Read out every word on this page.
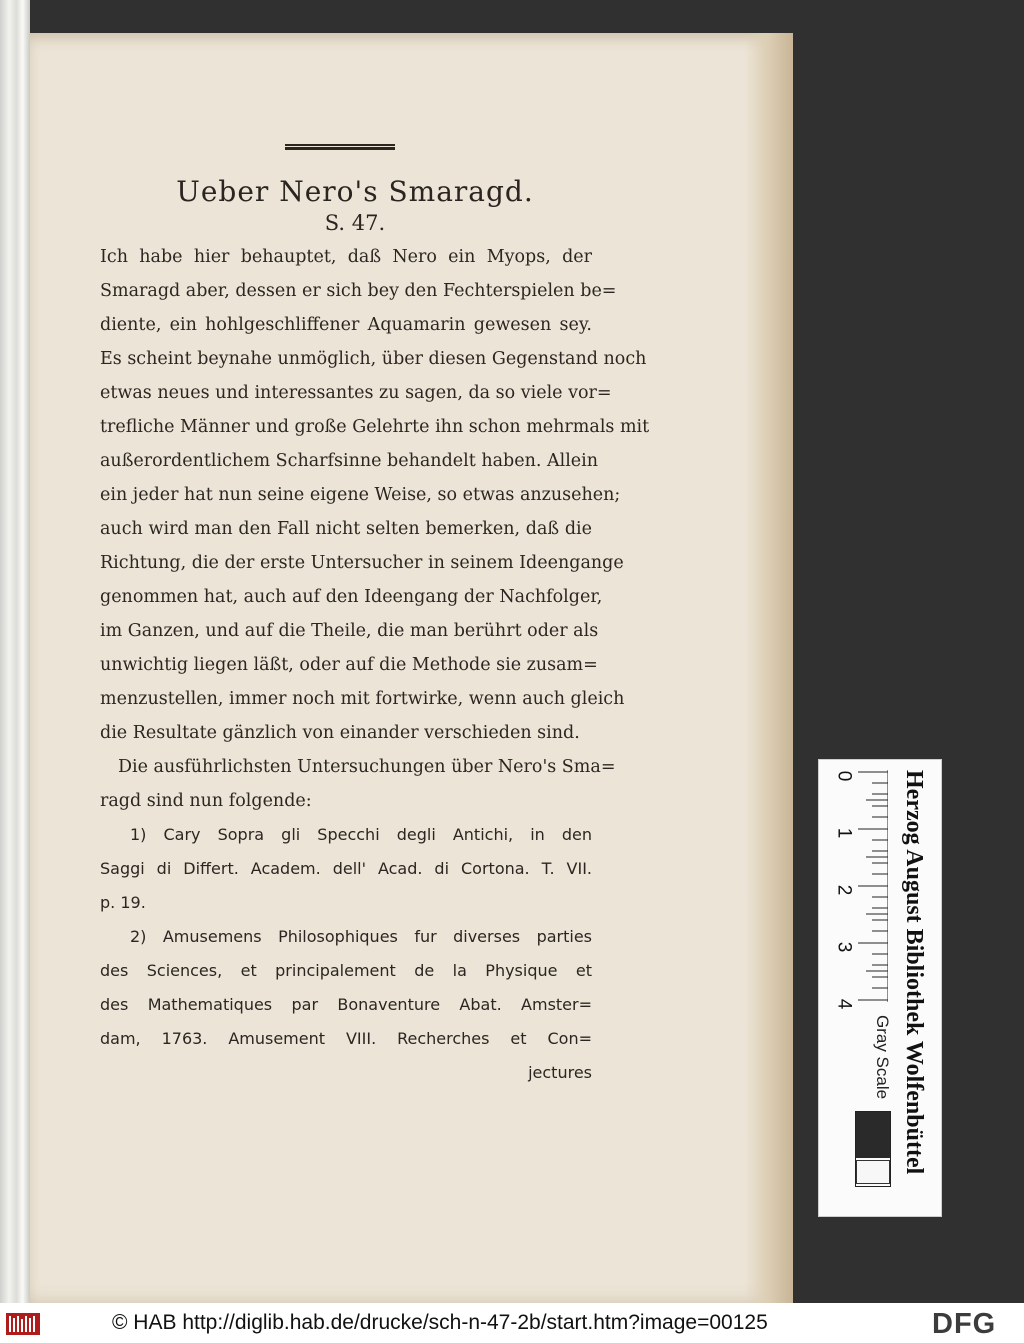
Ueber Nero's Smaragd.
S. 47.

Ich habe hier behauptet, daß Nero ein Myops, der
Smaragd aber, dessen er sich bey den Fechterspielen be=
diente, ein hohlgeschliffener Aquamarin gewesen sey.
Es scheint beynahe unmöglich, über diesen Gegenstand noch
etwas neues und interessantes zu sagen, da so viele vor=
trefliche Männer und große Gelehrte ihn schon mehrmals mit
außerordentlichem Scharfsinne behandelt haben. Allein
ein jeder hat nun seine eigene Weise, so etwas anzusehen;
auch wird man den Fall nicht selten bemerken, daß die
Richtung, die der erste Untersucher in seinem Ideengange
genommen hat, auch auf den Ideengang der Nachfolger,
im Ganzen, und auf die Theile, die man berührt oder als
unwichtig liegen läßt, oder auf die Methode sie zusam=
menzustellen, immer noch mit fortwirke, wenn auch gleich
die Resultate gänzlich von einander verschieden sind.

Die ausführlichsten Untersuchungen über Nero's Sma=
ragd sind nun folgende:

1) Cary Sopra gli Specchi degli Antichi, in den
Saggi di Differt. Academ. dell' Acad. di Cortona. T. VII.
p. 19.

2) Amusemens Philosophiques fur diverses parties
des Sciences, et principalement de la Physique et
des Mathematiques par Bonaventure Abat. Amster=
dam, 1763. Amusement VIII. Recherches et Con=

jectures
0
1
2
3
4	Herzog August Bibliothek Wolfenbüttel
Gray Scale
© HAB http://diglib.hab.de/drucke/sch-n-47-2b/start.htm?image=00125	DFG
